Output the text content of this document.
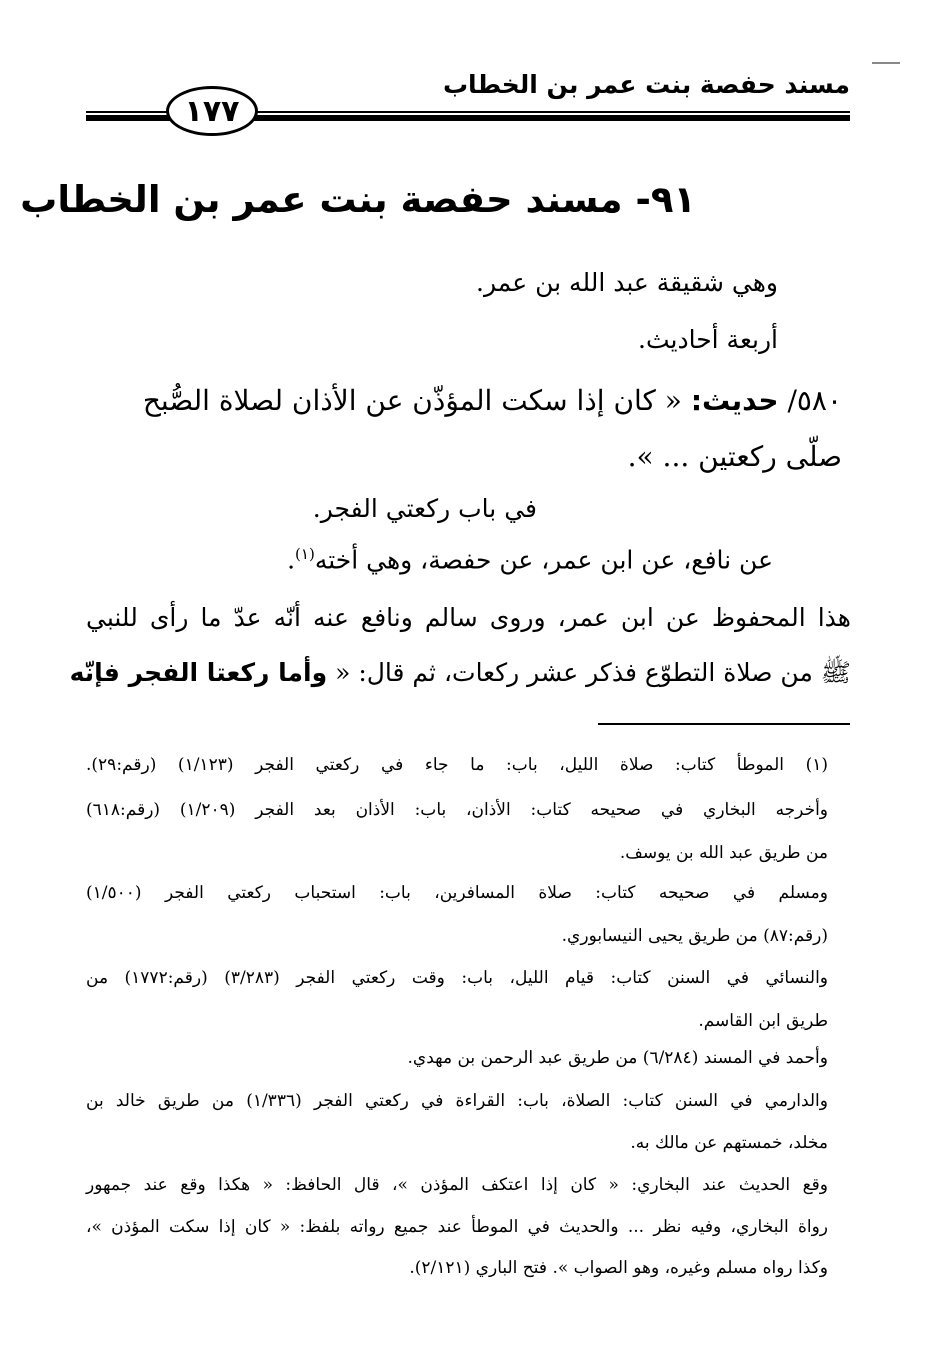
مسند حفصة بنت عمر بن الخطاب
١٧٧
٩١- مسند حفصة بنت عمر بن الخطاب
وهي شقيقة عبد الله بن عمر.
أربعة أحاديث.
٥٨٠/ حديث: « كان إذا سكت المؤذّن عن الأذان لصلاة الصُّبح
صلّى ركعتين ... ».
في باب ركعتي الفجر.
عن نافع، عن ابن عمر، عن حفصة، وهي أخته$^{(١)}$.
هذا المحفوظ عن ابن عمر، وروى سالم ونافع عنه أنّه عدّ ما رأى للنبي
ﷺ من صلاة التطوّع فذكر عشر ركعات، ثم قال: « وأما ركعتا الفجر فإنّه
(١) الموطأ كتاب: صلاة الليل، باب: ما جاء في ركعتي الفجر (١/١٢٣) (رقم:٢٩).
وأخرجه البخاري في صحيحه كتاب: الأذان، باب: الأذان بعد الفجر (١/٢٠٩) (رقم:٦١٨)
من طريق عبد الله بن يوسف.
ومسلم في صحيحه كتاب: صلاة المسافرين، باب: استحباب ركعتي الفجر (١/٥٠٠)
(رقم:٨٧) من طريق يحيى النيسابوري.
والنسائي في السنن كتاب: قيام الليل، باب: وقت ركعتي الفجر (٣/٢٨٣) (رقم:١٧٧٢) من
طريق ابن القاسم.
وأحمد في المسند (٦/٢٨٤) من طريق عبد الرحمن بن مهدي.
والدارمي في السنن كتاب: الصلاة، باب: القراءة في ركعتي الفجر (١/٣٣٦) من طريق خالد بن
مخلد، خمستهم عن مالك به.
وقع الحديث عند البخاري: « كان إذا اعتكف المؤذن »، قال الحافظ: « هكذا وقع عند جمهور
رواة البخاري، وفيه نظر ... والحديث في الموطأ عند جميع رواته بلفظ: « كان إذا سكت المؤذن »،
وكذا رواه مسلم وغيره، وهو الصواب ». فتح الباري (٢/١٢١).
